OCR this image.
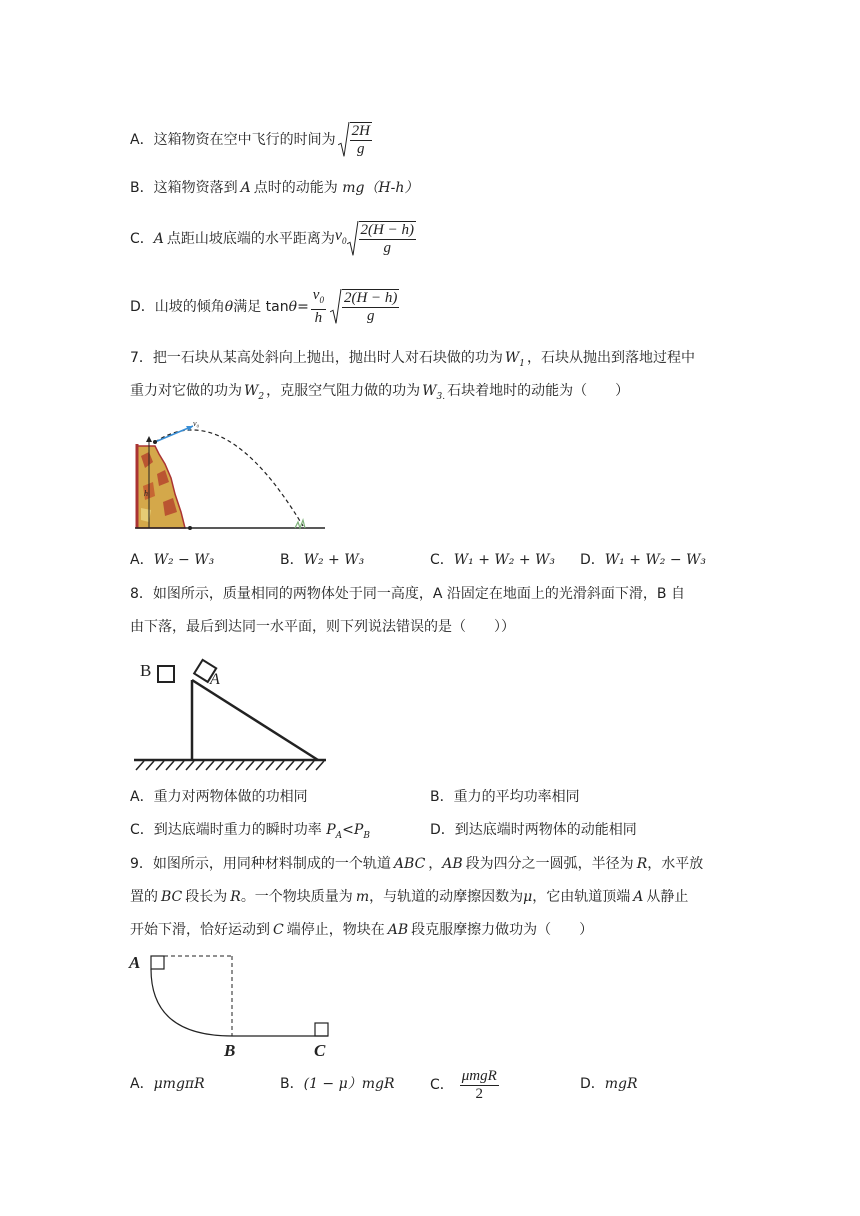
A．这箱物资在空中飞行的时间为 $\frac{2H}{g}$
B．这箱物资落到 A 点时的动能为 mg（H-h）
C． A 点距山坡底端的水平距离为 $v_0 \frac{2(H - h)}{g}$
D．山坡的倾角 θ 满足 $\tan \theta = \frac{v_0}{h} \frac{2(H - h)}{g}$
7．把一石块从某高处斜向上抛出，抛出时人对石块做的功为 $W_1$ ，石块从抛出到落地过程中
重力对它做的功为 $W_2$ ，克服空气阻力做的功为 $W_{3.}$ 石块着地时的动能为（　　）
h
v₀
A．W₂ − W₃	B．W₂ + W₃	C．W₁ + W₂ + W₃ D．W₁ + W₂ − W₃
8．如图所示，质量相同的两物体处于同一高度，A 沿固定在地面上的光滑斜面下滑，B 自
由下落，最后到达同一水平面，则下列说法错误的是（　　））
B	A
A．重力对两物体做的功相同	B．重力的平均功率相同
C．到达底端时重力的瞬时功率 $P_A<P_B$	D．到达底端时两物体的动能相同
9．如图所示，用同种材料制成的一个轨道 ABC ，AB 段为四分之一圆弧，半径为 R，水平放
置的 BC 段长为 R。一个物块质量为 m，与轨道的动摩擦因数为μ，它由轨道顶端 A 从静止
开始下滑，恰好运动到 C 端停止，物块在 AB 段克服摩擦力做功为（　　）
A
B	C
A．μmgπR	B．(1 − μ）mgR	C． $\frac{\text{μmgR}}{2}$	D．mgR
